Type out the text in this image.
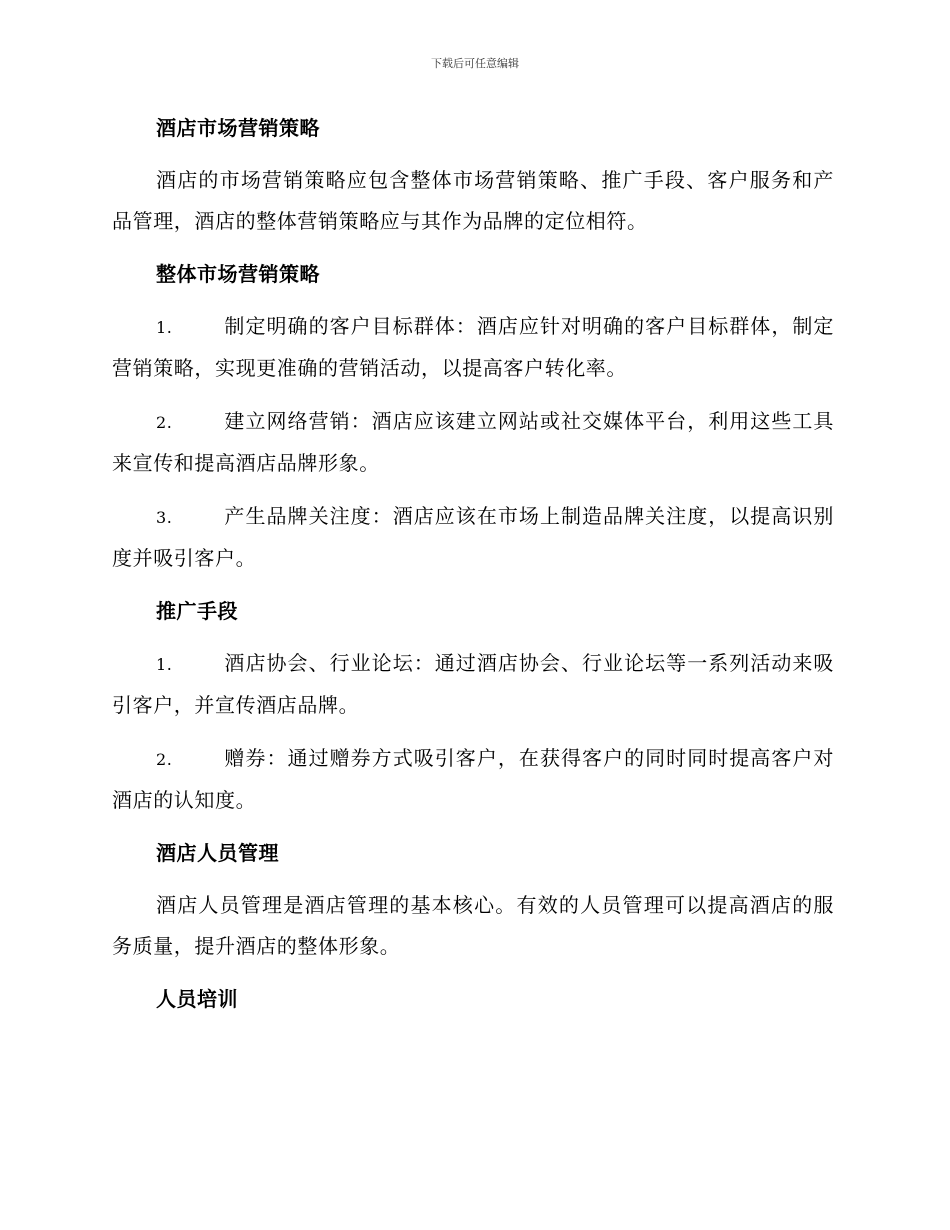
下载后可任意编辑
酒店市场营销策略

酒店的市场营销策略应包含整体市场营销策略、推广手段、客户服务和产品管理，酒店的整体营销策略应与其作为品牌的定位相符。

整体市场营销策略

1.	制定明确的客户目标群体：酒店应针对明确的客户目标群体，制定营销策略，实现更准确的营销活动，以提高客户转化率。

2.	建立网络营销：酒店应该建立网站或社交媒体平台，利用这些工具来宣传和提高酒店品牌形象。

3.	产生品牌关注度：酒店应该在市场上制造品牌关注度，以提高识别度并吸引客户。

推广手段

1.	酒店协会、行业论坛：通过酒店协会、行业论坛等一系列活动来吸引客户，并宣传酒店品牌。

2.	赠券：通过赠券方式吸引客户，在获得客户的同时同时提高客户对酒店的认知度。

酒店人员管理

酒店人员管理是酒店管理的基本核心。有效的人员管理可以提高酒店的服务质量，提升酒店的整体形象。

人员培训
